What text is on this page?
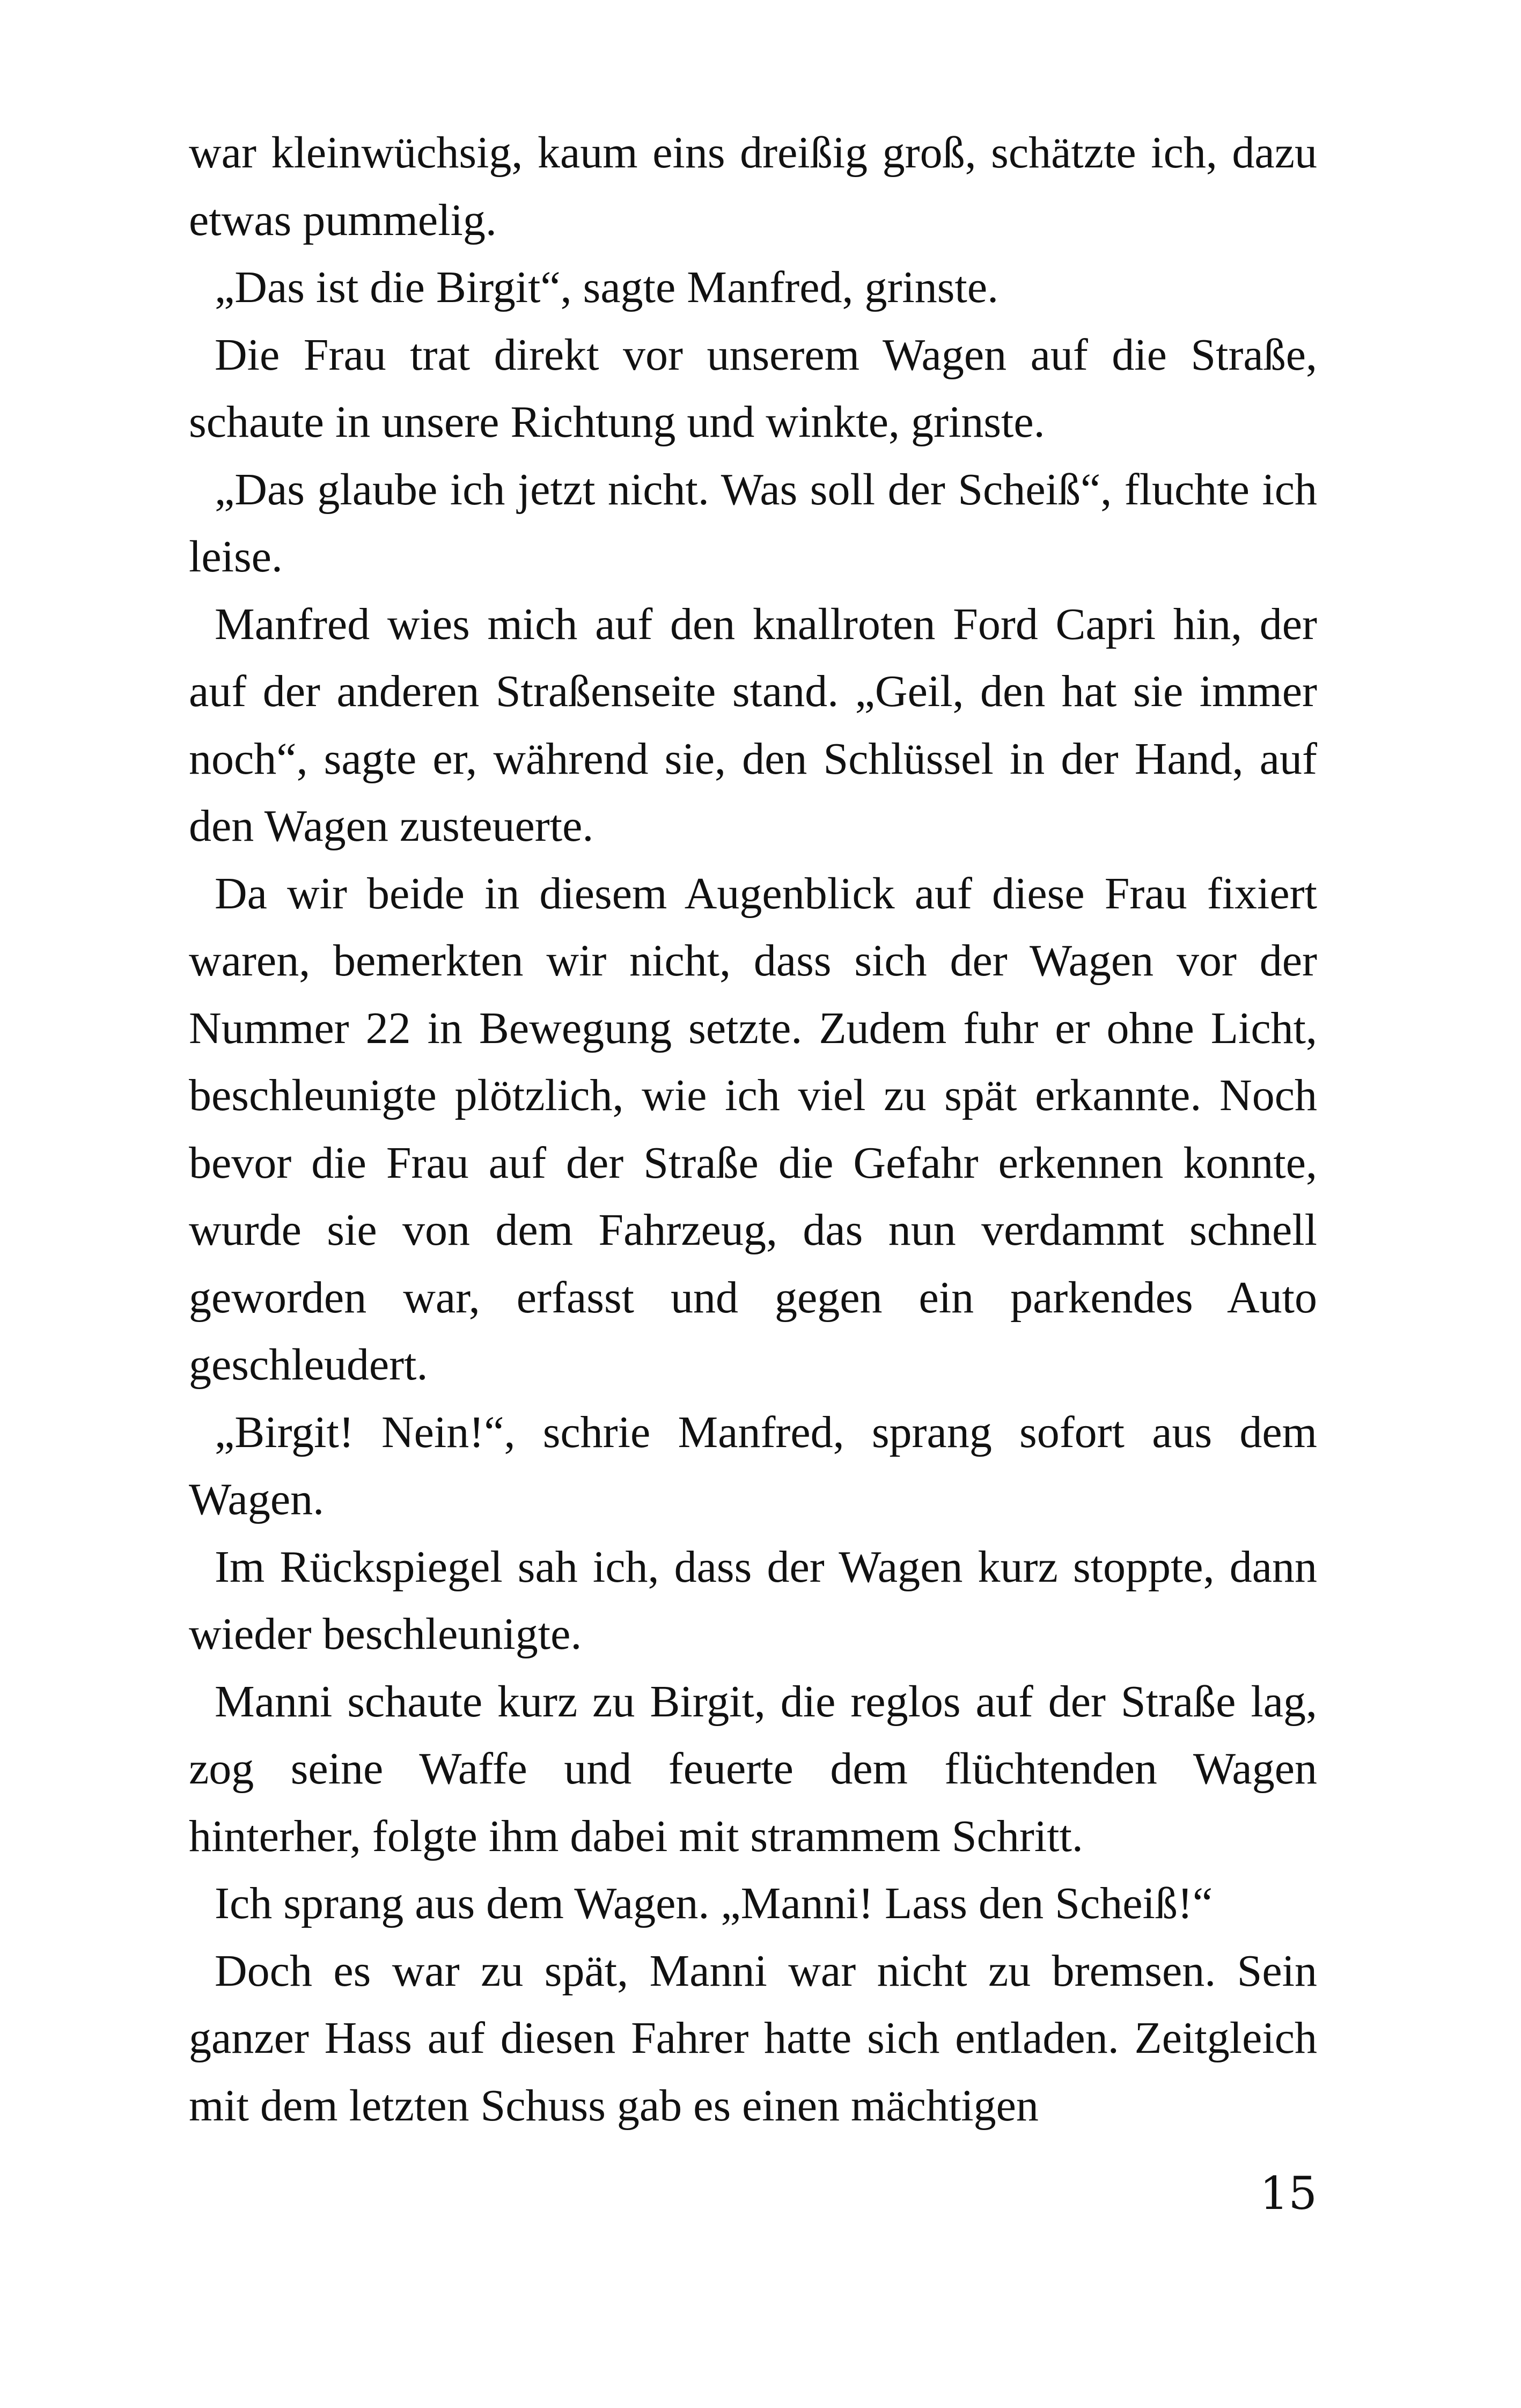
war kleinwüchsig, kaum eins dreißig groß, schätzte ich, dazu etwas pummelig.

„Das ist die Birgit“, sagte Manfred, grinste.

Die Frau trat direkt vor unserem Wagen auf die Straße, schaute in unsere Richtung und winkte, grinste.

„Das glaube ich jetzt nicht. Was soll der Scheiß“, fluchte ich leise.

Manfred wies mich auf den knallroten Ford Capri hin, der auf der anderen Straßenseite stand. „Geil, den hat sie immer noch“, sagte er, während sie, den Schlüssel in der Hand, auf den Wagen zusteuerte.

Da wir beide in diesem Augenblick auf diese Frau fixiert waren, bemerkten wir nicht, dass sich der Wagen vor der Nummer 22 in Bewegung setzte. Zudem fuhr er ohne Licht, beschleunigte plötzlich, wie ich viel zu spät erkannte. Noch bevor die Frau auf der Straße die Gefahr erkennen konnte, wurde sie von dem Fahrzeug, das nun verdammt schnell geworden war, erfasst und gegen ein parkendes Auto geschleudert.

„Birgit! Nein!“, schrie Manfred, sprang sofort aus dem Wagen.

Im Rückspiegel sah ich, dass der Wagen kurz stoppte, dann wieder beschleunigte.

Manni schaute kurz zu Birgit, die reglos auf der Straße lag, zog seine Waffe und feuerte dem flüchtenden Wagen hinterher, folgte ihm dabei mit strammem Schritt.

Ich sprang aus dem Wagen. „Manni! Lass den Scheiß!“

Doch es war zu spät, Manni war nicht zu bremsen. Sein ganzer Hass auf diesen Fahrer hatte sich entladen. Zeitgleich mit dem letzten Schuss gab es einen mächtigen

15
